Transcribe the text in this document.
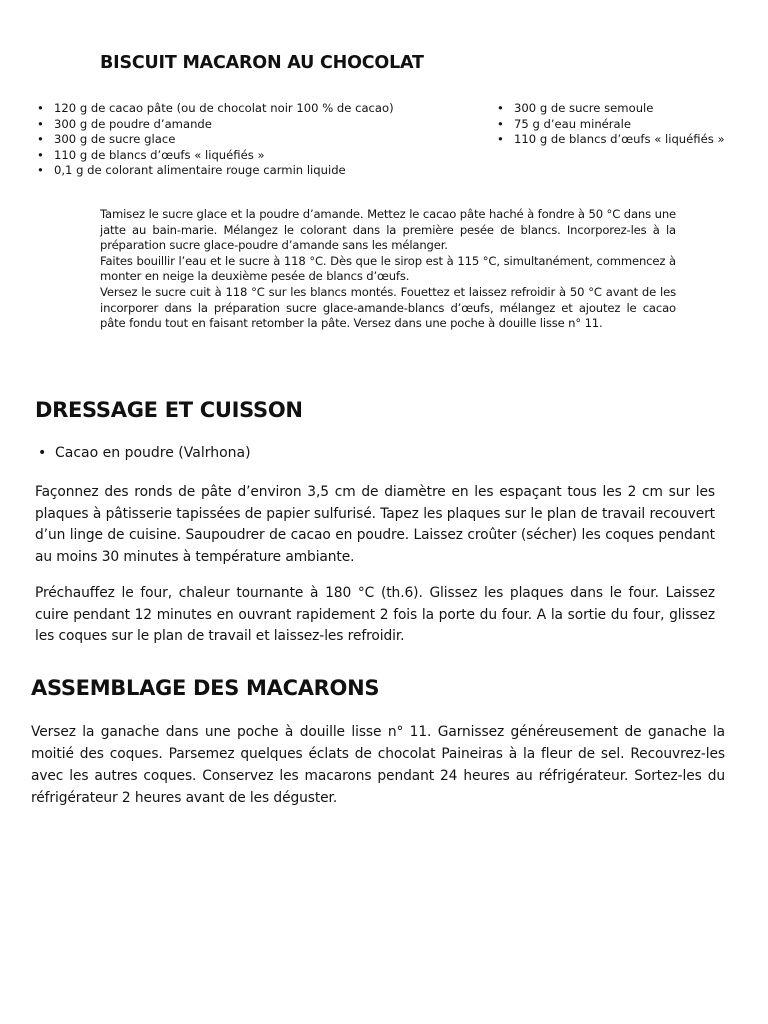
BISCUIT MACARON AU CHOCOLAT
• 120 g de cacao pâte (ou de chocolat noir 100 % de cacao)
• 300 g de poudre d’amande
• 300 g de sucre glace
• 110 g de blancs d’œufs « liquéfiés »
• 0,1 g de colorant alimentaire rouge carmin liquide
• 300 g de sucre semoule
• 75 g d’eau minérale
• 110 g de blancs d’œufs « liquéfiés »

Tamisez le sucre glace et la poudre d’amande. Mettez le cacao pâte haché à fondre à 50 °C dans une jatte au bain-marie. Mélangez le colorant dans la première pesée de blancs. Incorporez-les à la préparation sucre glace-poudre d’amande sans les mélanger.

Faites bouillir l’eau et le sucre à 118 °C. Dès que le sirop est à 115 °C, simultanément, commencez à monter en neige la deuxième pesée de blancs d’œufs.

Versez le sucre cuit à 118 °C sur les blancs montés. Fouettez et laissez refroidir à 50 °C avant de les incorporer dans la préparation sucre glace-amande-blancs d’œufs, mélangez et ajoutez le cacao pâte fondu tout en faisant retomber la pâte. Versez dans une poche à douille lisse n° 11.

DRESSAGE ET CUISSON
• Cacao en poudre (Valrhona)

Façonnez des ronds de pâte d’environ 3,5 cm de diamètre en les espaçant tous les 2 cm sur les plaques à pâtisserie tapissées de papier sulfurisé. Tapez les plaques sur le plan de travail recouvert d’un linge de cuisine. Saupoudrer de cacao en poudre. Laissez croûter (sécher) les coques pendant au moins 30 minutes à température ambiante.

Préchauffez le four, chaleur tournante à 180 °C (th.6). Glissez les plaques dans le four. Laissez cuire pendant 12 minutes en ouvrant rapidement 2 fois la porte du four. A la sortie du four, glissez les coques sur le plan de travail et laissez-les refroidir.

ASSEMBLAGE DES MACARONS

Versez la ganache dans une poche à douille lisse n° 11. Garnissez généreusement de ganache la moitié des coques. Parsemez quelques éclats de chocolat Paineiras à la fleur de sel. Recouvrez-les avec les autres coques. Conservez les macarons pendant 24 heures au réfrigérateur. Sortez-les du réfrigérateur 2 heures avant de les déguster.
